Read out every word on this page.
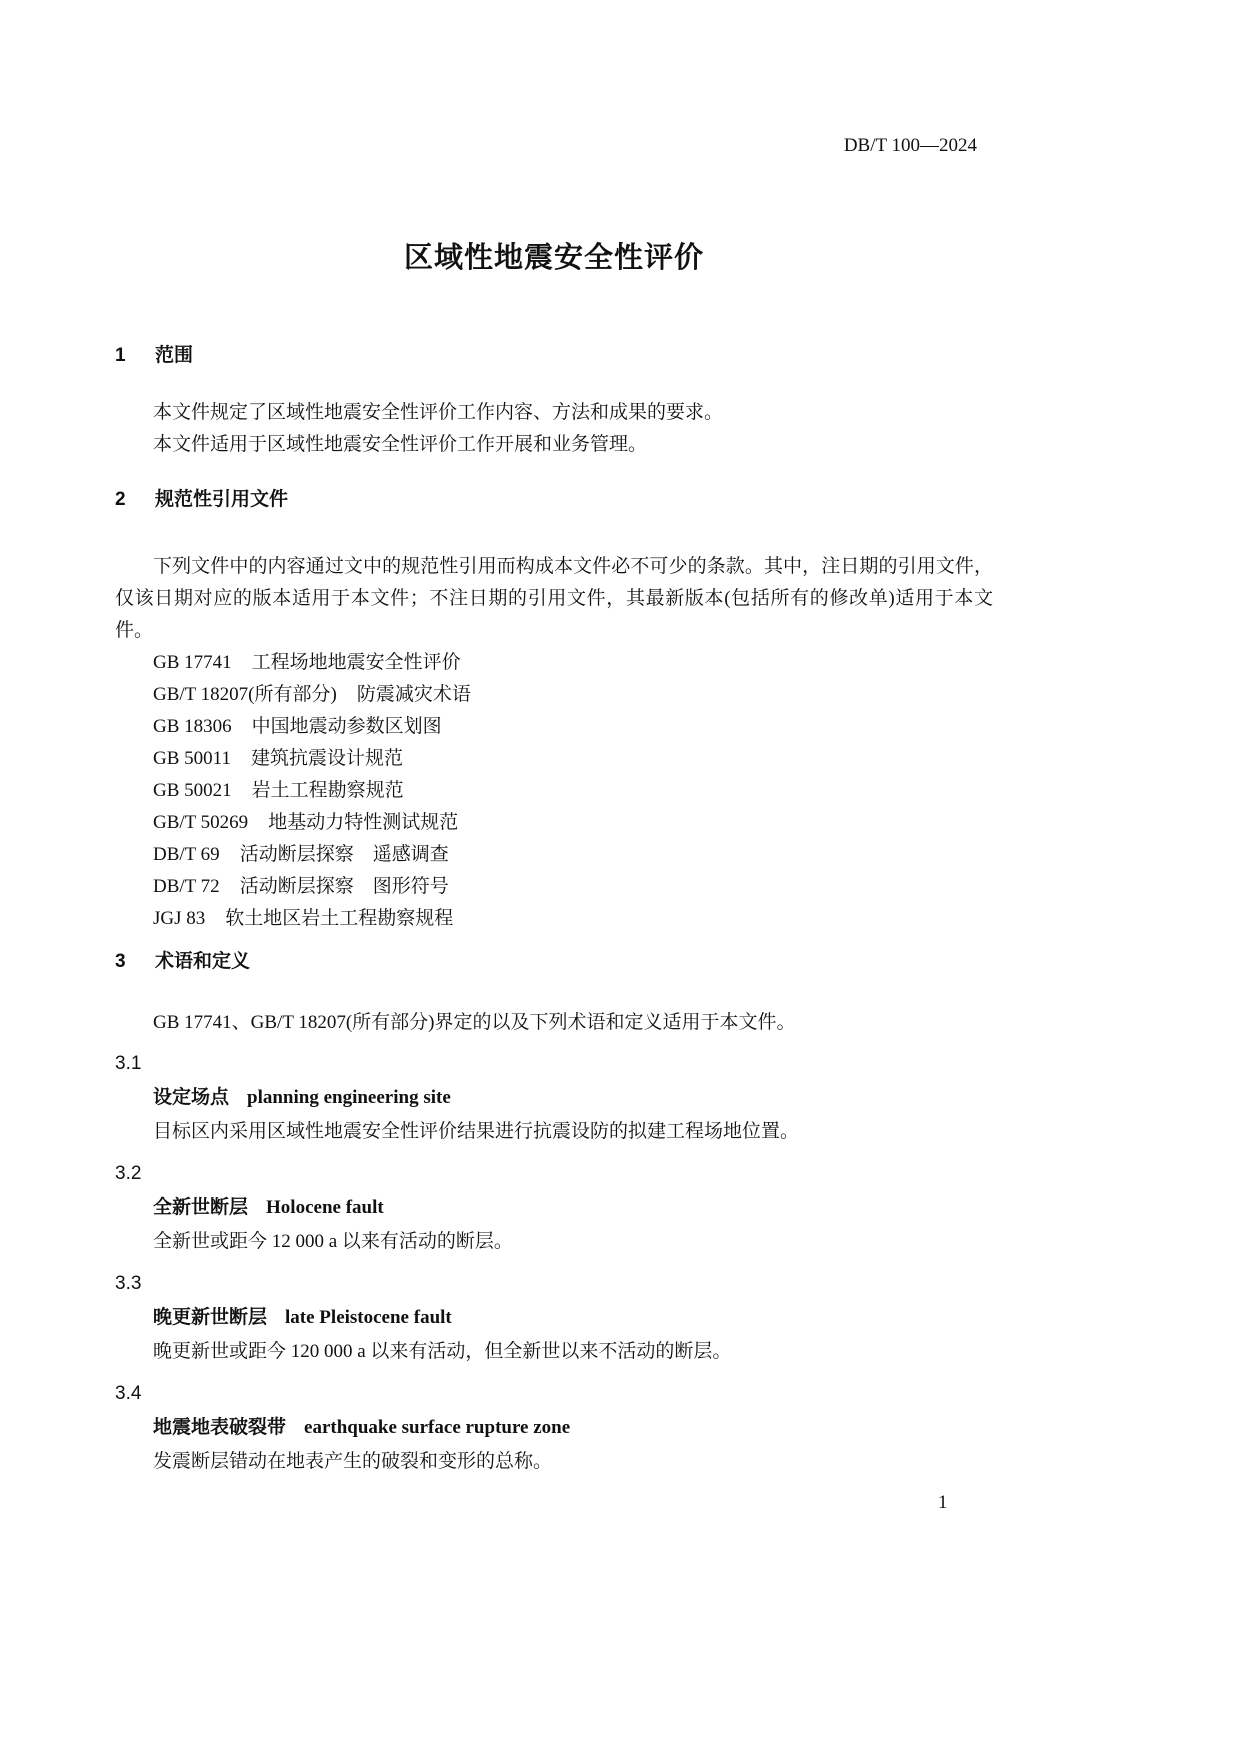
DB/T 100—2024
区域性地震安全性评价
1 范围

本文件规定了区域性地震安全性评价工作内容、方法和成果的要求。

本文件适用于区域性地震安全性评价工作开展和业务管理。

2 规范性引用文件

下列文件中的内容通过文中的规范性引用而构成本文件必不可少的条款。其中，注日期的引用文件，仅该日期对应的版本适用于本文件；不注日期的引用文件，其最新版本(包括所有的修改单)适用于本文件。

GB 17741 工程场地地震安全性评价
GB/T 18207(所有部分) 防震减灾术语
GB 18306 中国地震动参数区划图
GB 50011 建筑抗震设计规范
GB 50021 岩土工程勘察规范
GB/T 50269 地基动力特性测试规范
DB/T 69 活动断层探察　遥感调查
DB/T 72 活动断层探察　图形符号
JGJ 83 软土地区岩土工程勘察规程
3 术语和定义

GB 17741、GB/T 18207(所有部分)界定的以及下列术语和定义适用于本文件。

3.1
设定场点 planning engineering site

目标区内采用区域性地震安全性评价结果进行抗震设防的拟建工程场地位置。

3.2
全新世断层 Holocene fault

全新世或距今 12 000 a 以来有活动的断层。

3.3
晚更新世断层 late Pleistocene fault

晚更新世或距今 120 000 a 以来有活动，但全新世以来不活动的断层。

3.4
地震地表破裂带 earthquake surface rupture zone

发震断层错动在地表产生的破裂和变形的总称。

1
